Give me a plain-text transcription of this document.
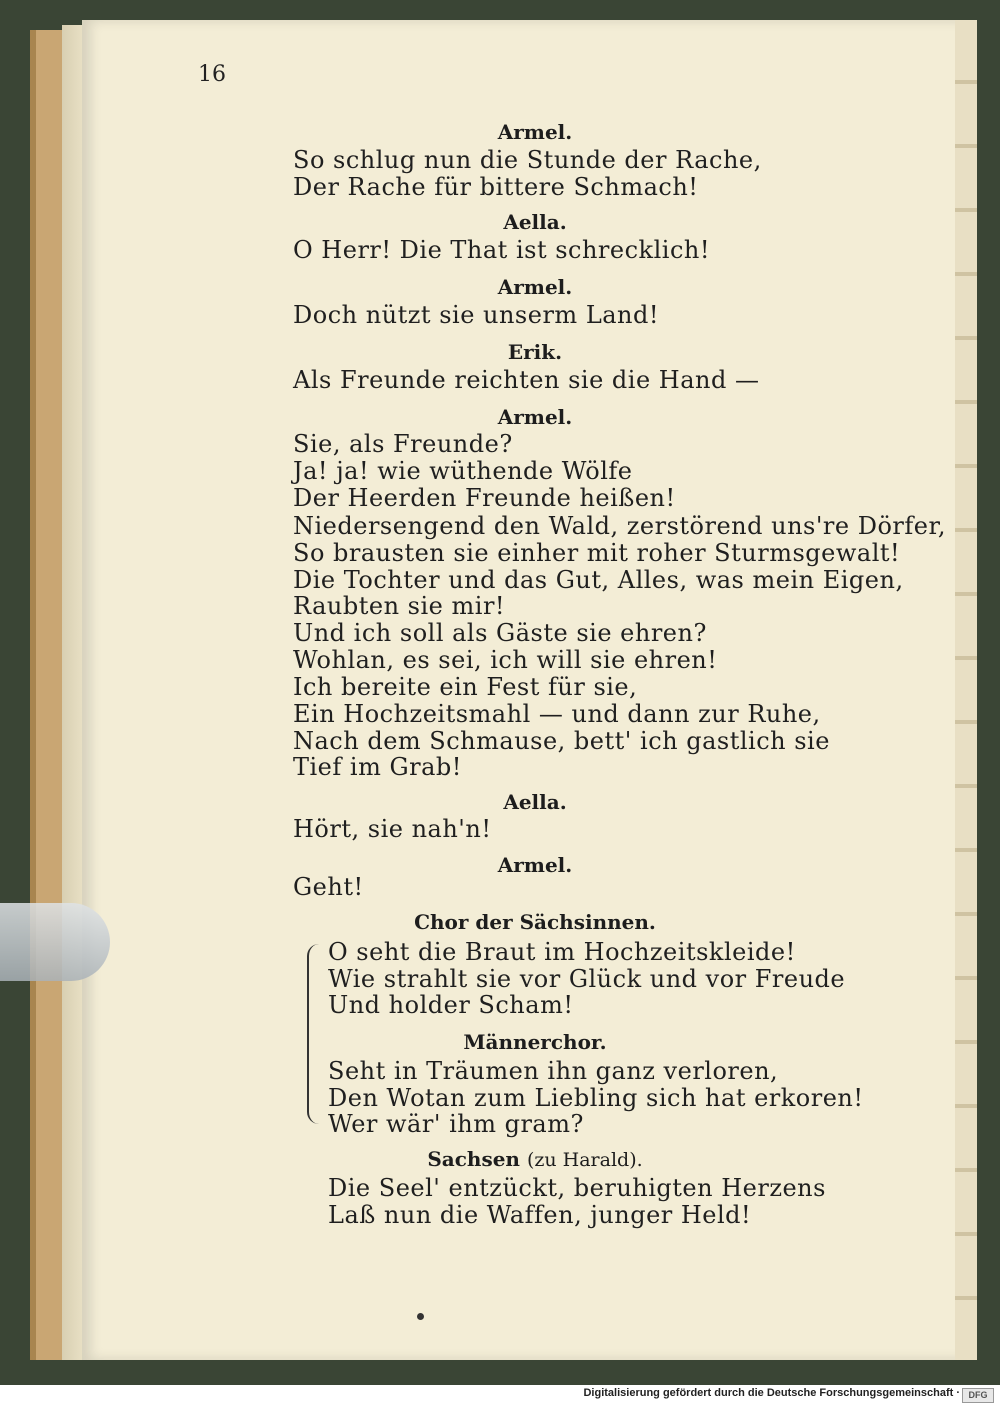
16
Armel.
So schlug nun die Stunde der Rache,
Der Rache für bittere Schmach!
Aella.
O Herr! Die That ist schrecklich!
Armel.
Doch nützt sie unserm Land!
Erik.
Als Freunde reichten sie die Hand —
Armel.
Sie, als Freunde?
Ja! ja! wie wüthende Wölfe
Der Heerden Freunde heißen!
Niedersengend den Wald, zerstörend uns're Dörfer,
So brausten sie einher mit roher Sturmsgewalt!
Die Tochter und das Gut, Alles, was mein Eigen,
Raubten sie mir!
Und ich soll als Gäste sie ehren?
Wohlan, es sei, ich will sie ehren!
Ich bereite ein Fest für sie,
Ein Hochzeitsmahl — und dann zur Ruhe,
Nach dem Schmause, bett' ich gastlich sie
Tief im Grab!
Aella.
Hört, sie nah'n!
Armel.
Geht!
Chor der Sächsinnen.
O seht die Braut im Hochzeitskleide!
Wie strahlt sie vor Glück und vor Freude
Und holder Scham!
Männerchor.
Seht in Träumen ihn ganz verloren,
Den Wotan zum Liebling sich hat erkoren!
Wer wär' ihm gram?
Sachsen (zu Harald).
Die Seel' entzückt, beruhigten Herzens
Laß nun die Waffen, junger Held!
Digitalisierung gefördert durch die Deutsche Forschungsgemeinschaft · DFG
